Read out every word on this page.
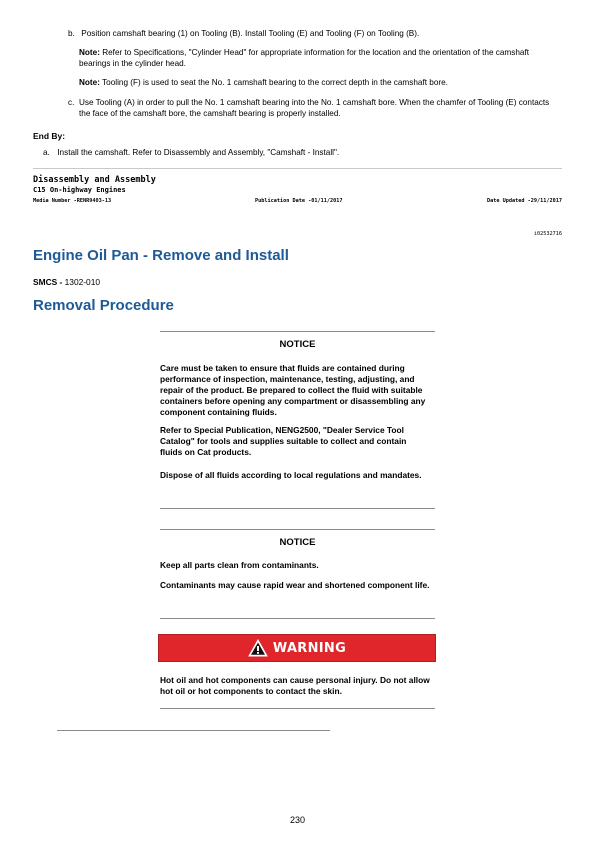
b. Position camshaft bearing (1) on Tooling (B). Install Tooling (E) and Tooling (F) on Tooling (B).
Note: Refer to Specifications, "Cylinder Head" for appropriate information for the location and the orientation of the camshaft bearings in the cylinder head.
Note: Tooling (F) is used to seat the No. 1 camshaft bearing to the correct depth in the camshaft bore.
c. Use Tooling (A) in order to pull the No. 1 camshaft bearing into the No. 1 camshaft bore. When the chamfer of Tooling (E) contacts the face of the camshaft bore, the camshaft bearing is properly installed.
End By:
a. Install the camshaft. Refer to Disassembly and Assembly, "Camshaft - Install".
Disassembly and Assembly
C15 On-highway Engines
Media Number -RENR9403-13	Publication Date -01/11/2017	Date Updated -29/11/2017
i02532716
Engine Oil Pan - Remove and Install
SMCS - 1302-010
Removal Procedure
NOTICE
Care must be taken to ensure that fluids are contained during performance of inspection, maintenance, testing, adjusting, and repair of the product. Be prepared to collect the fluid with suitable containers before opening any compartment or disassembling any component containing fluids.
Refer to Special Publication, NENG2500, "Dealer Service Tool Catalog" for tools and supplies suitable to collect and contain fluids on Cat products.
Dispose of all fluids according to local regulations and mandates.
NOTICE
Keep all parts clean from contaminants.
Contaminants may cause rapid wear and shortened component life.
WARNING
Hot oil and hot components can cause personal injury. Do not allow hot oil or hot components to contact the skin.
230
